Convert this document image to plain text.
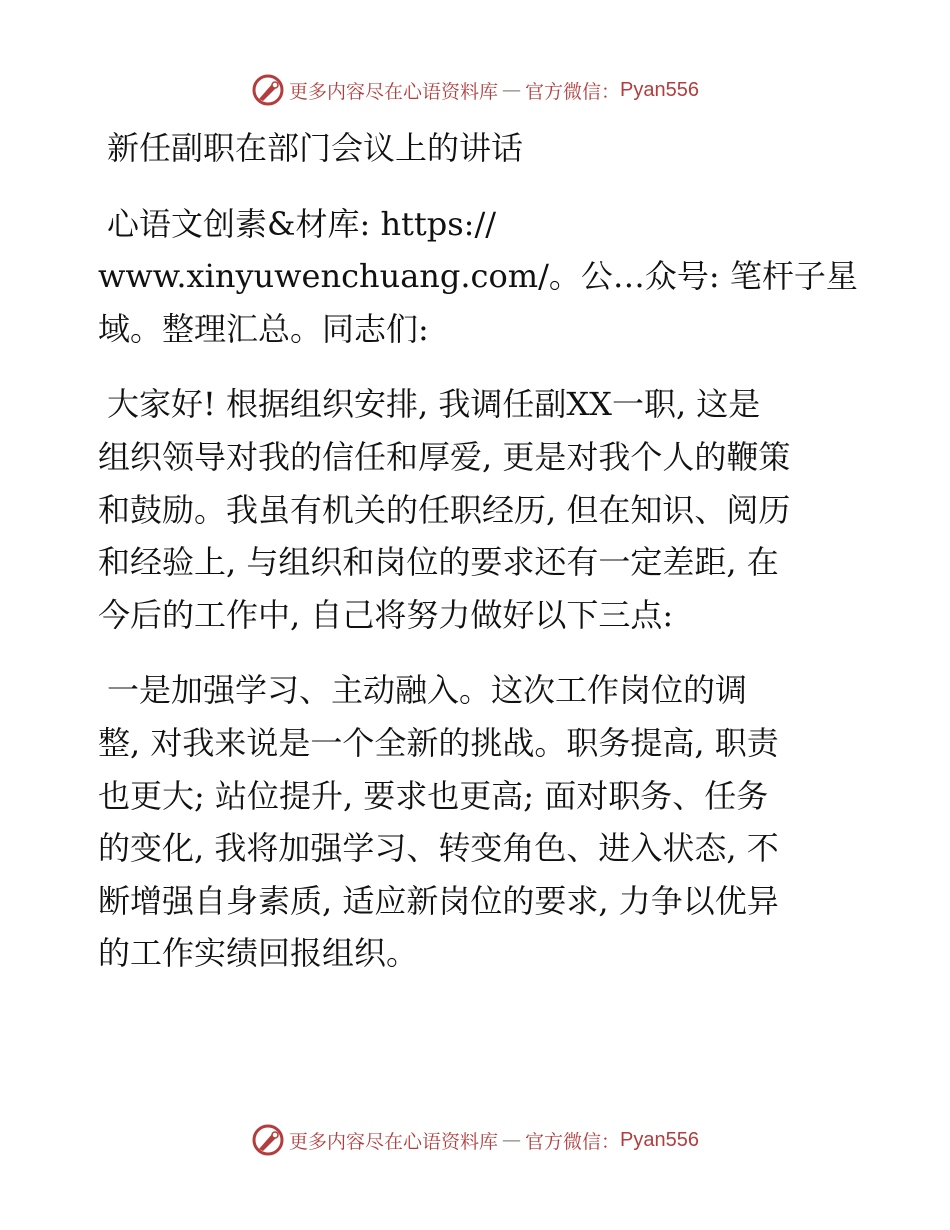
更多内容尽在心语资料库 — 官方微信： Pyan556

新任副职在部门会议上的讲话

心语文创素&材库: https://
www.xinyuwenchuang.com/。公…众号: 笔杆子星
域。整理汇总。同志们:

大家好! 根据组织安排, 我调任副XX一职, 这是
组织领导对我的信任和厚爱, 更是对我个人的鞭策
和鼓励。我虽有机关的任职经历, 但在知识、阅历
和经验上, 与组织和岗位的要求还有一定差距, 在
今后的工作中, 自己将努力做好以下三点:

一是加强学习、主动融入。这次工作岗位的调
整, 对我来说是一个全新的挑战。职务提高, 职责
也更大; 站位提升, 要求也更高; 面对职务、任务
的变化, 我将加强学习、转变角色、进入状态, 不
断增强自身素质, 适应新岗位的要求, 力争以优异
的工作实绩回报组织。

更多内容尽在心语资料库 — 官方微信： Pyan556
